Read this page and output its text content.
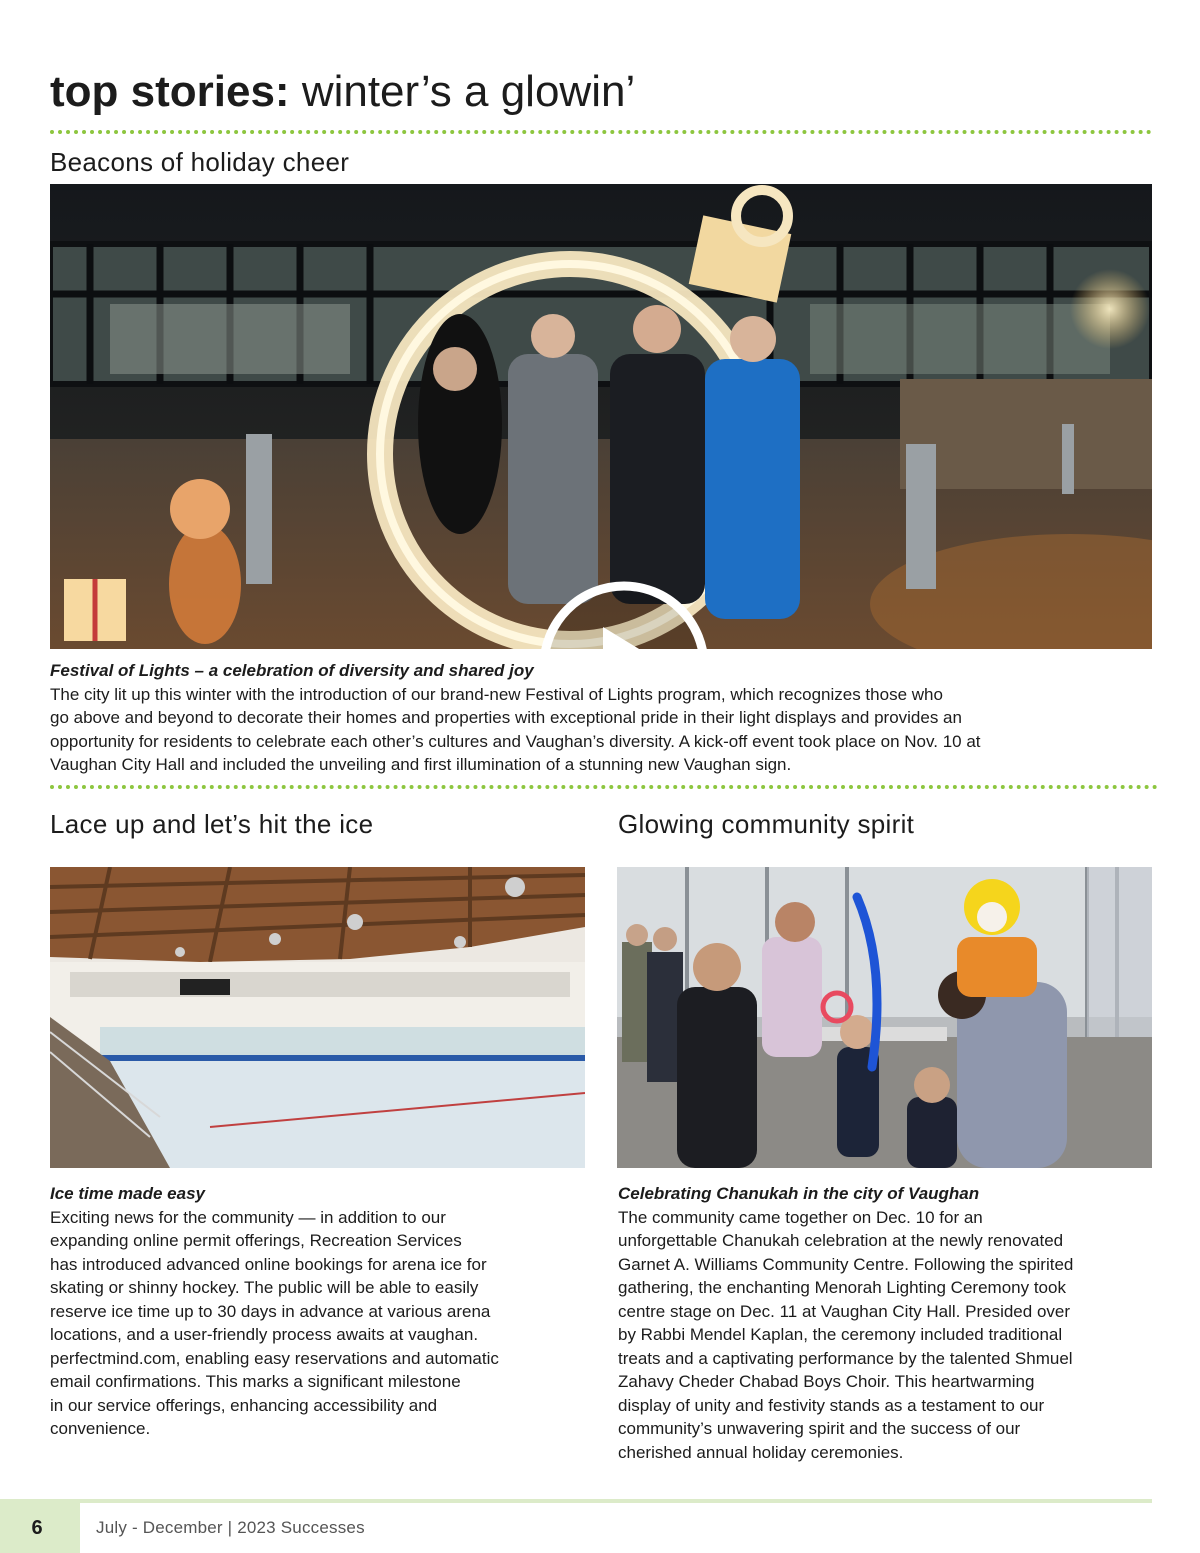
top stories: winter’s a glowin’
Beacons of holiday cheer
Festival of Lights – a celebration of diversity and shared joy
The city lit up this winter with the introduction of our brand-new Festival of Lights program, which recognizes those who
go above and beyond to decorate their homes and properties with exceptional pride in their light displays and provides an
opportunity for residents to celebrate each other’s cultures and Vaughan’s diversity. A kick-off event took place on Nov. 10 at
Vaughan City Hall and included the unveiling and first illumination of a stunning new Vaughan sign.
Lace up and let’s hit the ice
Ice time made easy
Exciting news for the community — in addition to our
expanding online permit offerings, Recreation Services
has introduced advanced online bookings for arena ice for
skating or shinny hockey. The public will be able to easily
reserve ice time up to 30 days in advance at various arena
locations, and a user-friendly process awaits at vaughan.
perfectmind.com, enabling easy reservations and automatic
email confirmations. This marks a significant milestone
in our service offerings, enhancing accessibility and
convenience.
Glowing community spirit
Celebrating Chanukah in the city of Vaughan
The community came together on Dec. 10 for an
unforgettable Chanukah celebration at the newly renovated
Garnet A. Williams Community Centre. Following the spirited
gathering, the enchanting Menorah Lighting Ceremony took
centre stage on Dec. 11 at Vaughan City Hall. Presided over
by Rabbi Mendel Kaplan, the ceremony included traditional
treats and a captivating performance by the talented Shmuel
Zahavy Cheder Chabad Boys Choir. This heartwarming
display of unity and festivity stands as a testament to our
community’s unwavering spirit and the success of our
cherished annual holiday ceremonies.
6	July - December | 2023 Successes
